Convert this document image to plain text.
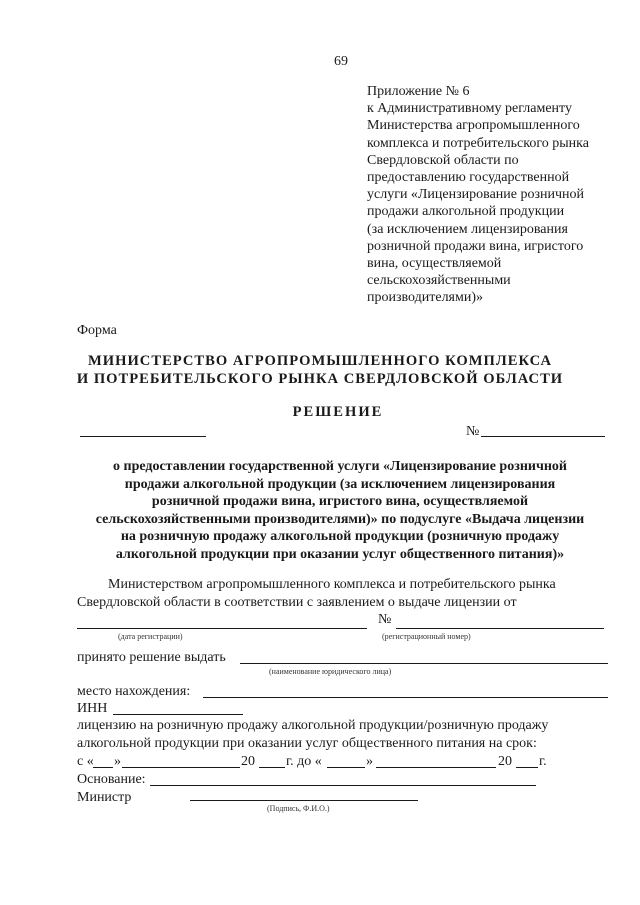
69
Приложение № 6
к Административному регламенту
Министерства агропромышленного
комплекса и потребительского рынка
Свердловской области по
предоставлению государственной
услуги «Лицензирование розничной
продажи алкогольной продукции
(за исключением лицензирования
розничной продажи вина, игристого
вина, осуществляемой
сельскохозяйственными
производителями)»
Форма
МИНИСТЕРСТВО АГРОПРОМЫШЛЕННОГО КОМПЛЕКСА
И ПОТРЕБИТЕЛЬСКОГО РЫНКА СВЕРДЛОВСКОЙ ОБЛАСТИ
РЕШЕНИЕ
№
о предоставлении государственной услуги «Лицензирование розничной
продажи алкогольной продукции (за исключением лицензирования
розничной продажи вина, игристого вина, осуществляемой
сельскохозяйственными производителями)» по подуслуге «Выдача лицензии
на розничную продажу алкогольной продукции (розничную продажу
алкогольной продукции при оказании услуг общественного питания)»
Министерством агропромышленного комплекса и потребительского рынка
Свердловской области в соответствии с заявлением о выдаче лицензии от
№
(дата регистрации)	(регистрационный номер)
принято решение выдать
(наименование юридического лица)
место нахождения:
ИНН
лицензию на розничную продажу алкогольной продукции/розничную продажу
алкогольной продукции при оказании услуг общественного питания на срок:
с « »	20 г. до «	»	20 г.
Основание:
Министр
(Подпись, Ф.И.О.)
